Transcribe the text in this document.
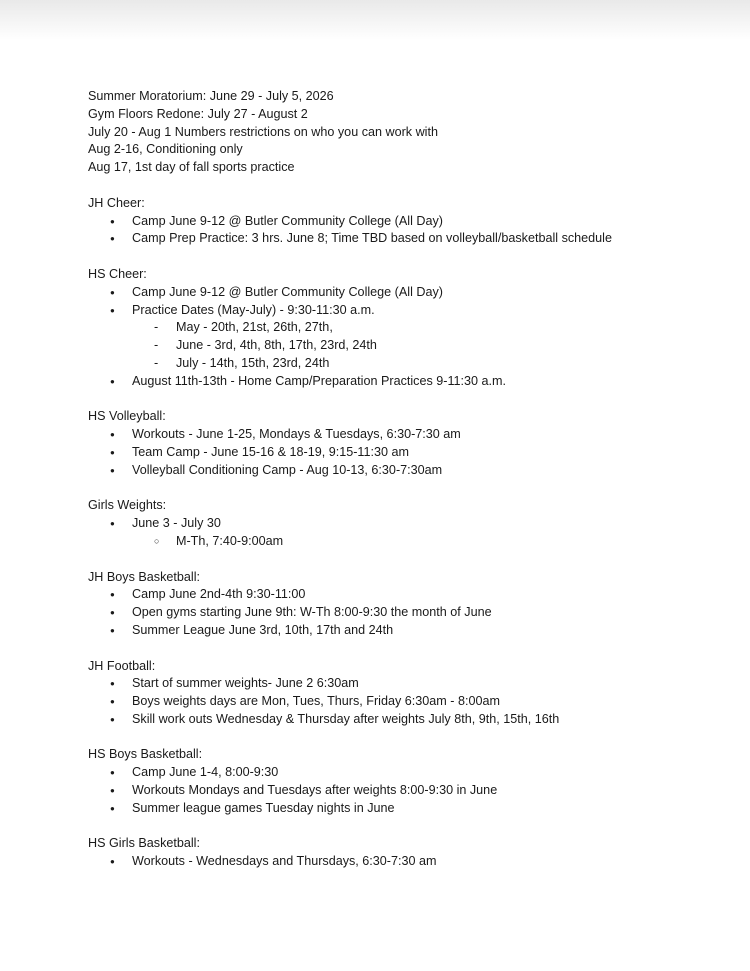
Summer Moratorium: June 29 - July 5, 2026
Gym Floors Redone: July 27 - August 2
July 20 - Aug 1 Numbers restrictions on who you can work with
Aug 2-16, Conditioning only
Aug 17, 1st day of fall sports practice
JH Cheer:
● Camp June 9-12 @ Butler Community College (All Day)
● Camp Prep Practice: 3 hrs. June 8; Time TBD based on volleyball/basketball schedule
HS Cheer:
● Camp June 9-12 @ Butler Community College (All Day)
● Practice Dates (May-July) - 9:30-11:30 a.m.
- May - 20th, 21st, 26th, 27th,
- June - 3rd, 4th, 8th, 17th, 23rd, 24th
- July - 14th, 15th, 23rd, 24th
● August 11th-13th - Home Camp/Preparation Practices 9-11:30 a.m.
HS Volleyball:
● Workouts - June 1-25, Mondays & Tuesdays, 6:30-7:30 am
● Team Camp - June 15-16 & 18-19, 9:15-11:30 am
● Volleyball Conditioning Camp - Aug 10-13, 6:30-7:30am
Girls Weights:
● June 3 - July 30
○ M-Th, 7:40-9:00am
JH Boys Basketball:
● Camp June 2nd-4th 9:30-11:00
● Open gyms starting June 9th: W-Th 8:00-9:30 the month of June
● Summer League June 3rd, 10th, 17th and 24th
JH Football:
● Start of summer weights- June 2 6:30am
● Boys weights days are Mon, Tues, Thurs, Friday 6:30am - 8:00am
● Skill work outs Wednesday & Thursday after weights July 8th, 9th, 15th, 16th
HS Boys Basketball:
● Camp June 1-4, 8:00-9:30
● Workouts Mondays and Tuesdays after weights 8:00-9:30 in June
● Summer league games Tuesday nights in June
HS Girls Basketball:
● Workouts - Wednesdays and Thursdays, 6:30-7:30 am
